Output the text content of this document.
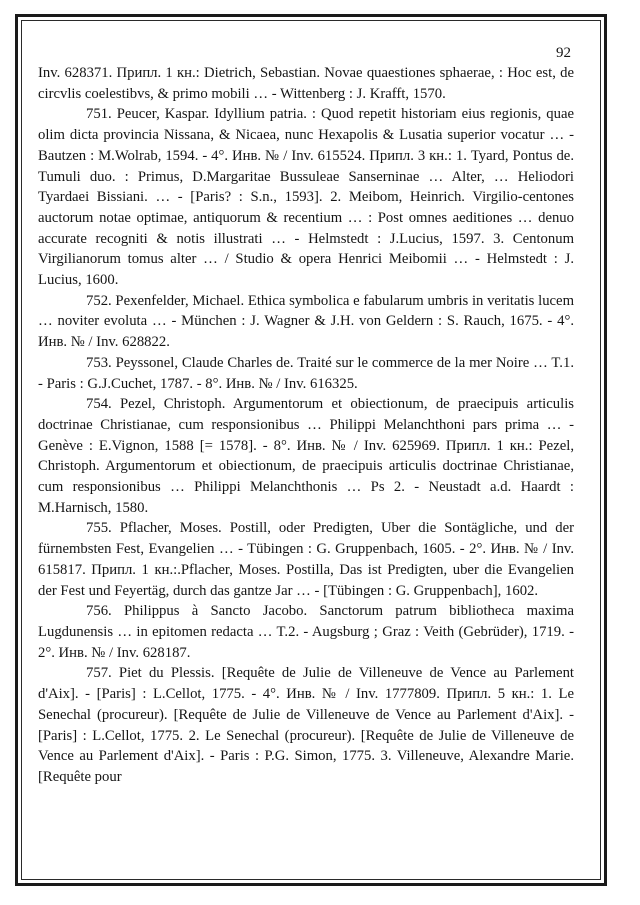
92

Inv. 628371. Припл. 1 кн.: Dietrich, Sebastian. Novae quaestiones sphaerae, : Hoc est, de circvlis coelestibvs, & primo mobili … - Wittenberg : J. Krafft, 1570.

751. Peucer, Kaspar. Idyllium patria. : Quod repetit historiam eius regionis, quae olim dicta provincia Nissana, & Nicaea, nunc Hexapolis & Lusatia superior vocatur … - Bautzen : M.Wolrab, 1594. - 4°. Инв. № / Inv. 615524. Припл. 3 кн.: 1. Tyard, Pontus de. Tumuli duo. : Primus, D.Margaritae Bussuleae Sanserninae … Alter, … Heliodori Tyardaei Bissiani. … - [Paris? : S.n., 1593]. 2. Meibom, Heinrich. Virgilio-centones auctorum notae optimae, antiquorum & recentium … : Post omnes aeditiones … denuo accurate recogniti & notis illustrati … - Helmstedt : J.Lucius, 1597. 3. Centonum Virgilianorum tomus alter … / Studio & opera Henrici Meibomii … - Helmstedt : J. Lucius, 1600.

752. Pexenfelder, Michael. Ethica symbolica e fabularum umbris in veritatis lucem … noviter evoluta … - München : J. Wagner & J.H. von Geldern : S. Rauch, 1675. - 4°. Инв. № / Inv. 628822.

753. Peyssonel, Claude Charles de. Traité sur le commerce de la mer Noire … T.1. - Paris : G.J.Cuchet, 1787. - 8°. Инв. № / Inv. 616325.

754. Pezel, Christoph. Argumentorum et obiectionum, de praecipuis articulis doctrinae Christianae, cum responsionibus … Philippi Melanchthoni pars prima … - Genève : E.Vignon, 1588 [= 1578]. - 8°. Инв. № / Inv. 625969. Припл. 1 кн.: Pezel, Christoph. Argumentorum et obiectionum, de praecipuis articulis doctrinae Christianae, cum responsionibus … Philippi Melanchthonis … Ps 2. - Neustadt a.d. Haardt : M.Harnisch, 1580.

755. Pflacher, Moses. Postill, oder Predigten, Uber die Sontägliche, und der fürnembsten Fest, Evangelien … - Tübingen : G. Gruppenbach, 1605. - 2°. Инв. № / Inv. 615817. Припл. 1 кн.:.Pflacher, Moses. Postilla, Das ist Predigten, uber die Evangelien der Fest und Feyertäg, durch das gantze Jar … - [Tübingen : G. Gruppenbach], 1602.

756. Philippus à Sancto Jacobo. Sanctorum patrum bibliotheca maxima Lugdunensis … in epitomen redacta … T.2. - Augsburg ; Graz : Veith (Gebrüder), 1719. - 2°. Инв. № / Inv. 628187.

757. Piet du Plessis. [Requête de Julie de Villeneuve de Vence au Parlement d'Aix]. - [Paris] : L.Cellot, 1775. - 4°. Инв. № / Inv. 1777809. Припл. 5 кн.: 1. Le Senechal (procureur). [Requête de Julie de Villeneuve de Vence au Parlement d'Aix]. - [Paris] : L.Cellot, 1775. 2. Le Senechal (procureur). [Requête de Julie de Villeneuve de Vence au Parlement d'Aix]. - Paris : P.G. Simon, 1775. 3. Villeneuve, Alexandre Marie. [Requête pour
